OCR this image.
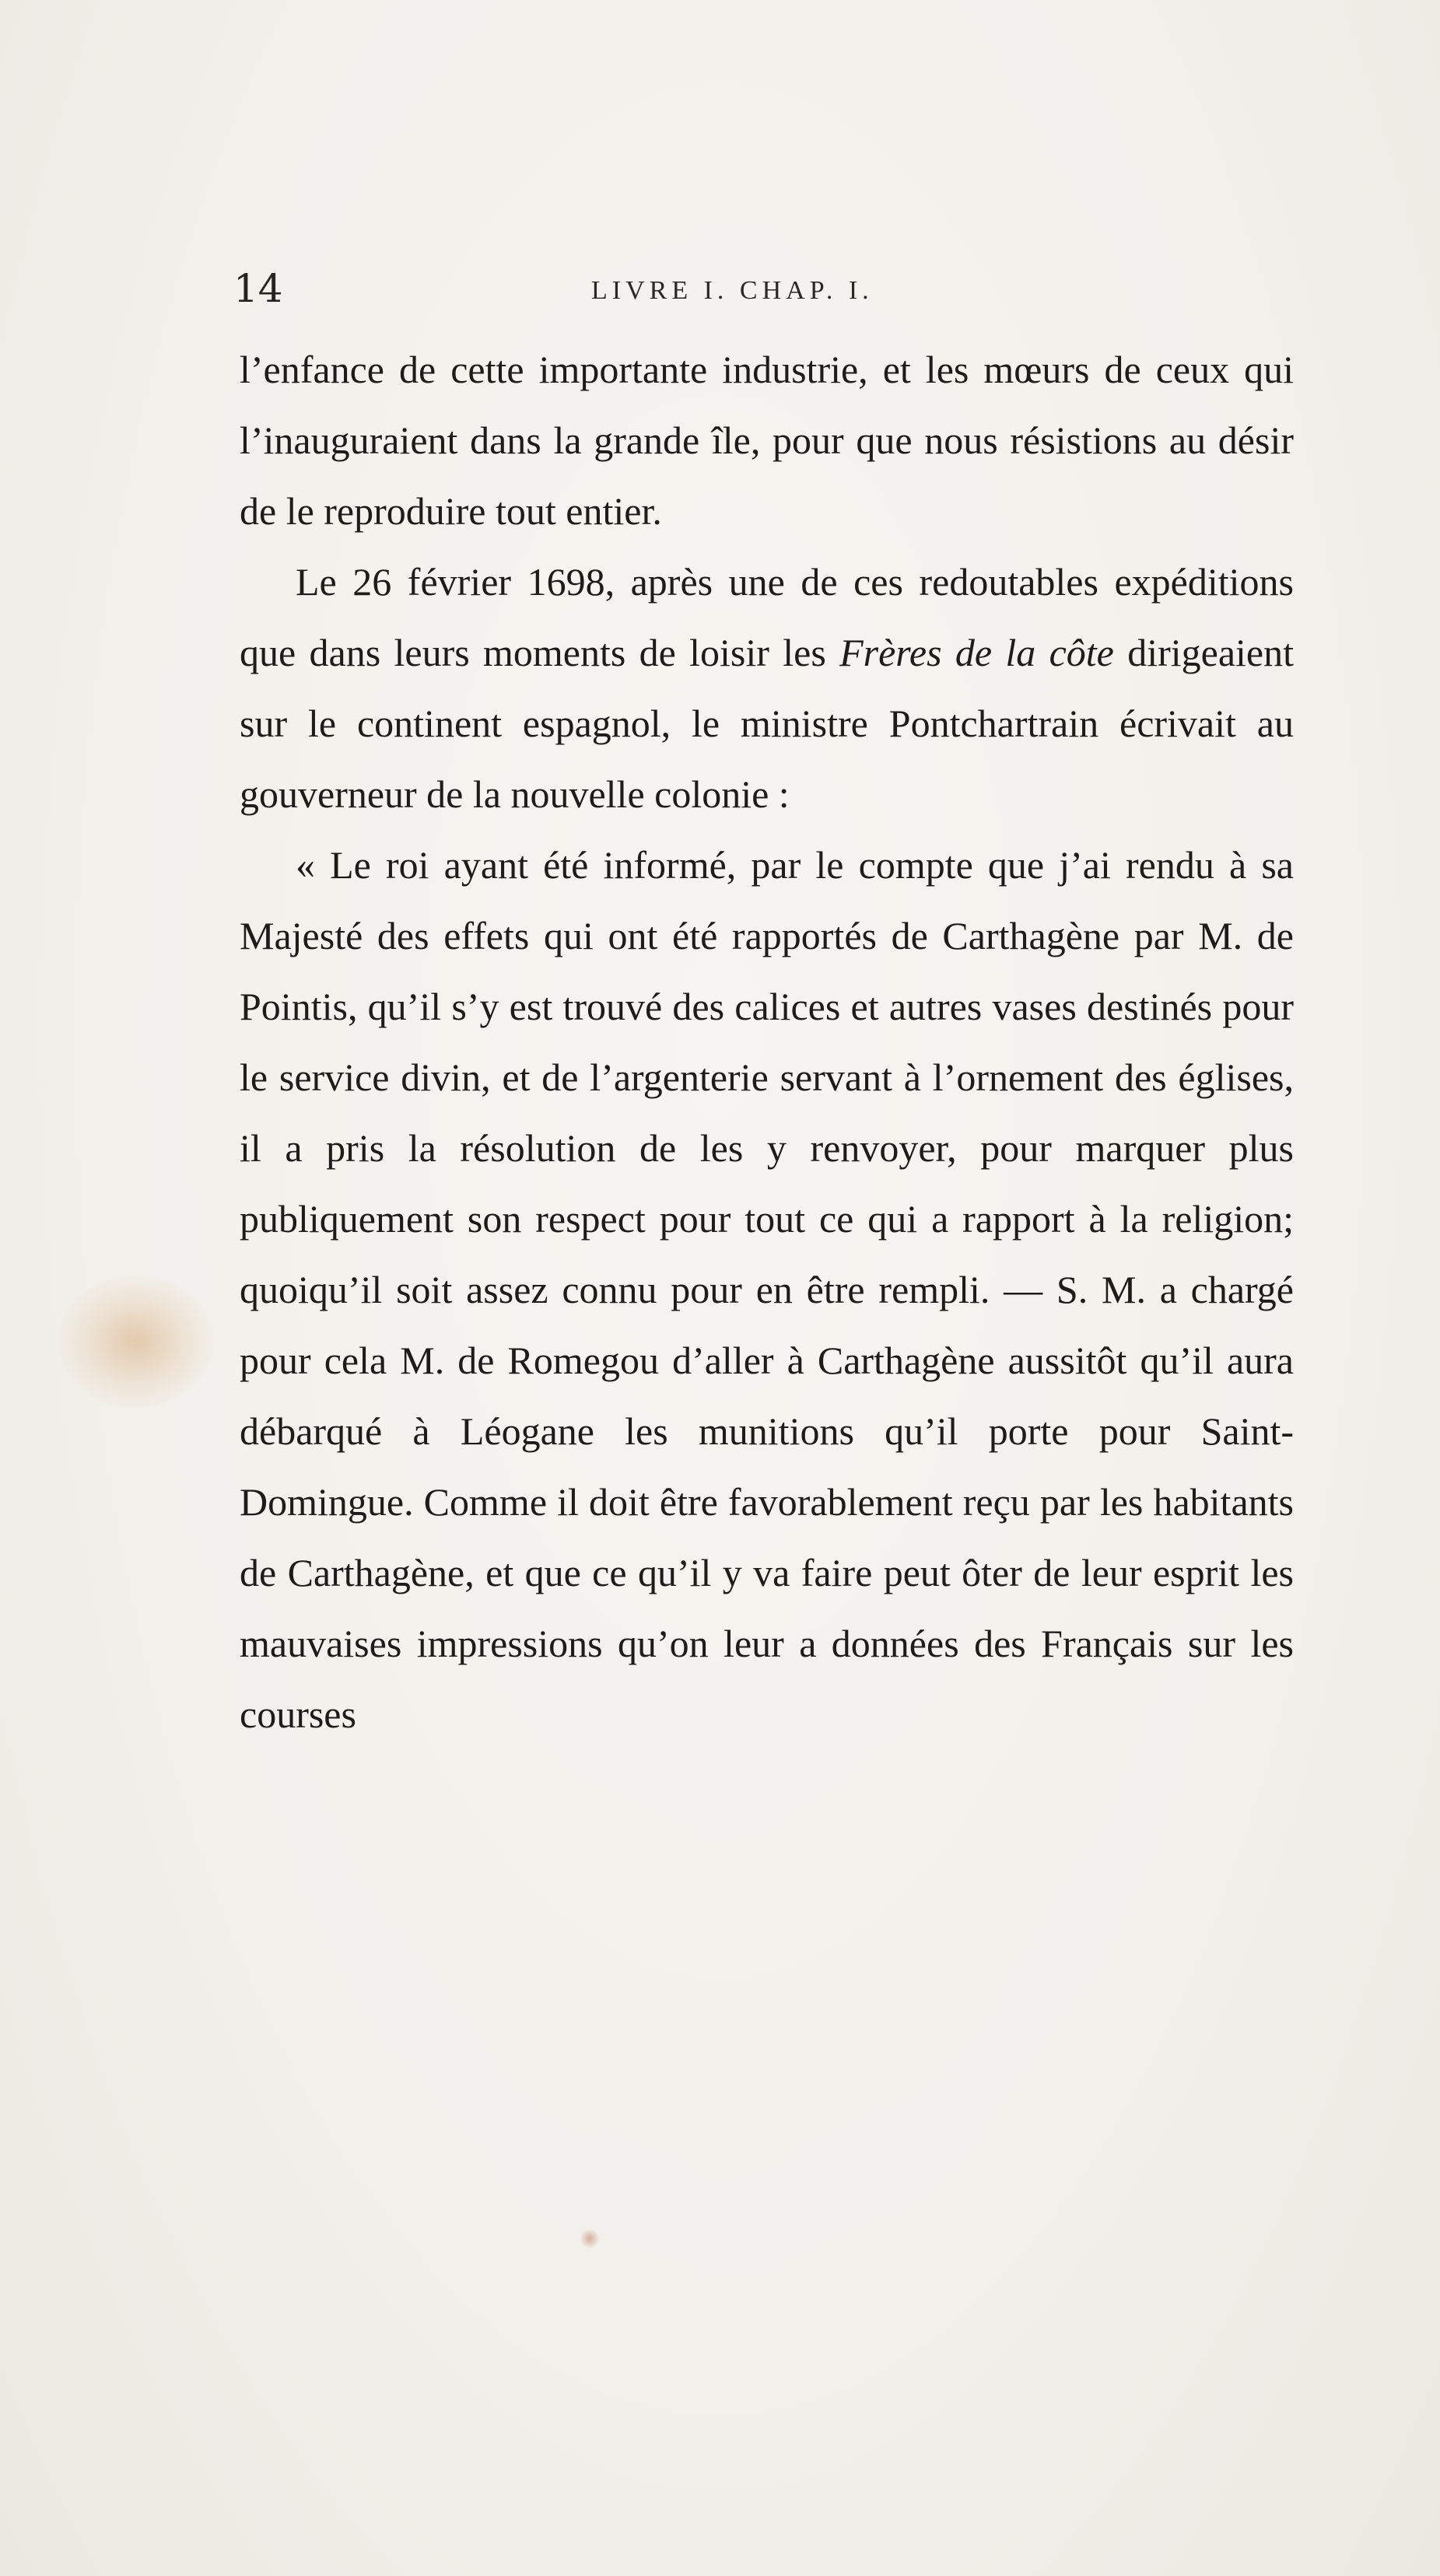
14	LIVRE I. CHAP. I.

l’enfance de cette importante industrie, et les mœurs de ceux qui l’inauguraient dans la grande île, pour que nous résistions au désir de le reproduire tout entier.

Le 26 février 1698, après une de ces redoutables expéditions que dans leurs moments de loisir les Frères de la côte dirigeaient sur le continent espagnol, le ministre Pontchartrain écrivait au gouverneur de la nouvelle colonie :

« Le roi ayant été informé, par le compte que j’ai rendu à sa Majesté des effets qui ont été rapportés de Carthagène par M. de Pointis, qu’il s’y est trouvé des calices et autres vases destinés pour le service divin, et de l’argenterie servant à l’ornement des églises, il a pris la résolution de les y renvoyer, pour marquer plus publiquement son respect pour tout ce qui a rapport à la religion; quoiqu’il soit assez connu pour en être rempli. — S. M. a chargé pour cela M. de Romegou d’aller à Carthagène aussitôt qu’il aura débarqué à Léogane les munitions qu’il porte pour Saint-Domingue. Comme il doit être favorablement reçu par les habitants de Carthagène, et que ce qu’il y va faire peut ôter de leur esprit les mauvaises impressions qu’on leur a données des Français sur les courses
